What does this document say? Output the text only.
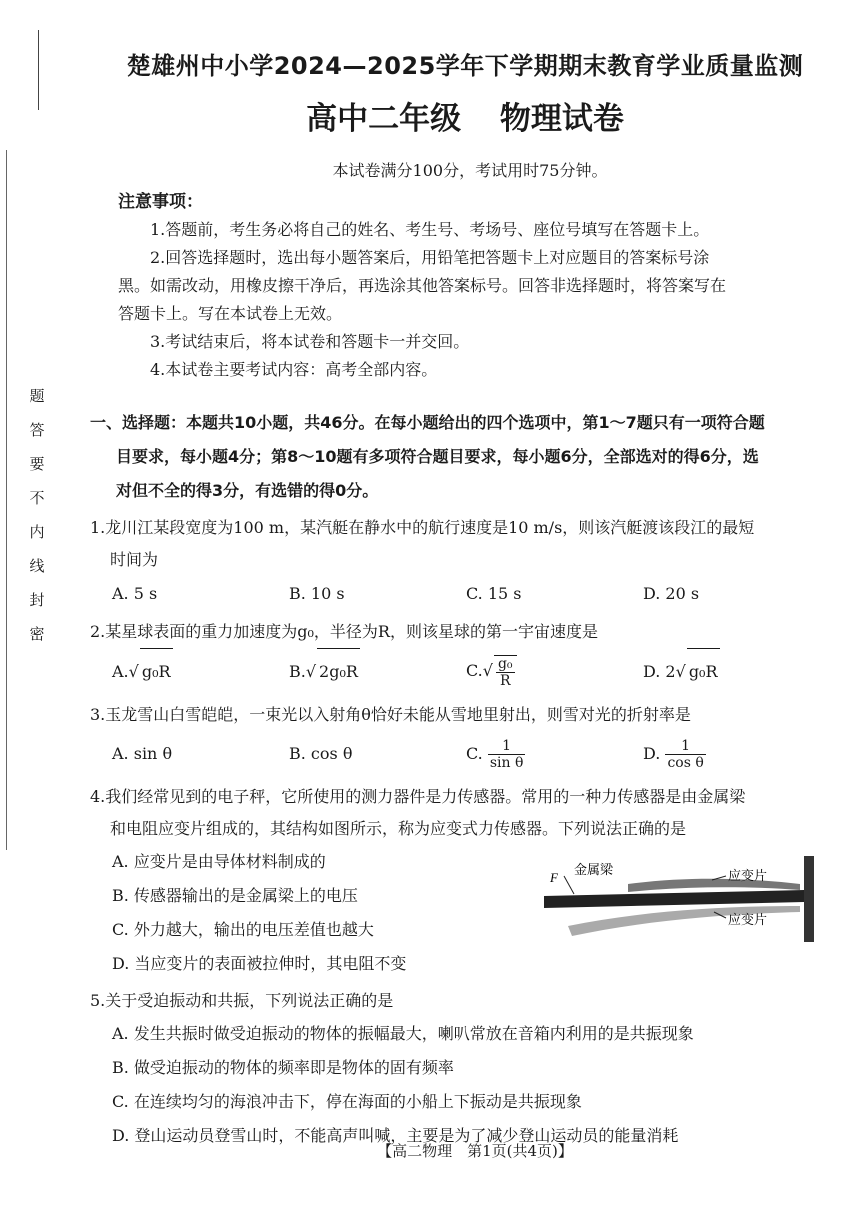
题
答
要
不
内
线
封
密
楚雄州中小学2024—2025学年下学期期末教育学业质量监测
高中二年级 物理试卷
本试卷满分100分，考试用时75分钟。
注意事项：

1.答题前，考生务必将自己的姓名、考生号、考场号、座位号填写在答题卡上。

2.回答选择题时，选出每小题答案后，用铅笔把答题卡上对应题目的答案标号涂

黑。如需改动，用橡皮擦干净后，再选涂其他答案标号。回答非选择题时，将答案写在

答题卡上。写在本试卷上无效。

3.考试结束后，将本试卷和答题卡一并交回。

4.本试卷主要考试内容：高考全部内容。

一、选择题：本题共10小题，共46分。在每小题给出的四个选项中，第1～7题只有一项符合题
目要求，每小题4分；第8～10题有多项符合题目要求，每小题6分，全部选对的得6分，选
对但不全的得3分，有选错的得0分。
1.龙川江某段宽度为100 m，某汽艇在静水中的航行速度是10 m/s，则该汽艇渡该段江的最短
时间为
A. 5 s	B. 10 s	C. 15 s	D. 20 s
2.某星球表面的重力加速度为g₀，半径为R，则该星球的第一宇宙速度是
A.√ g₀R	B.√ 2g₀R	$C.√ \frac{\text{g₀}}{R}$	D. 2√ g₀R
3.玉龙雪山白雪皑皑，一束光以入射角θ恰好未能从雪地里射出，则雪对光的折射率是
A. sin θ	B. cos θ	C. $\frac{1}{\text{sin θ}}$	D. $\frac{1}{\text{cos θ}}$
4.我们经常见到的电子秤，它所使用的测力器件是力传感器。常用的一种力传感器是由金属梁
和电阻应变片组成的，其结构如图所示，称为应变式力传感器。下列说法正确的是
A. 应变片是由导体材料制成的
B. 传感器输出的是金属梁上的电压
C. 外力越大，输出的电压差值也越大
D. 当应变片的表面被拉伸时，其电阻不变
5.关于受迫振动和共振，下列说法正确的是
A. 发生共振时做受迫振动的物体的振幅最大，喇叭常放在音箱内利用的是共振现象
B. 做受迫振动的物体的频率即是物体的固有频率
C. 在连续均匀的海浪冲击下，停在海面的小船上下振动是共振现象
D. 登山运动员登雪山时，不能高声叫喊，主要是为了减少登山运动员的能量消耗
F 金属梁	应变片
应变片
【高二物理　第1页(共4页)】
